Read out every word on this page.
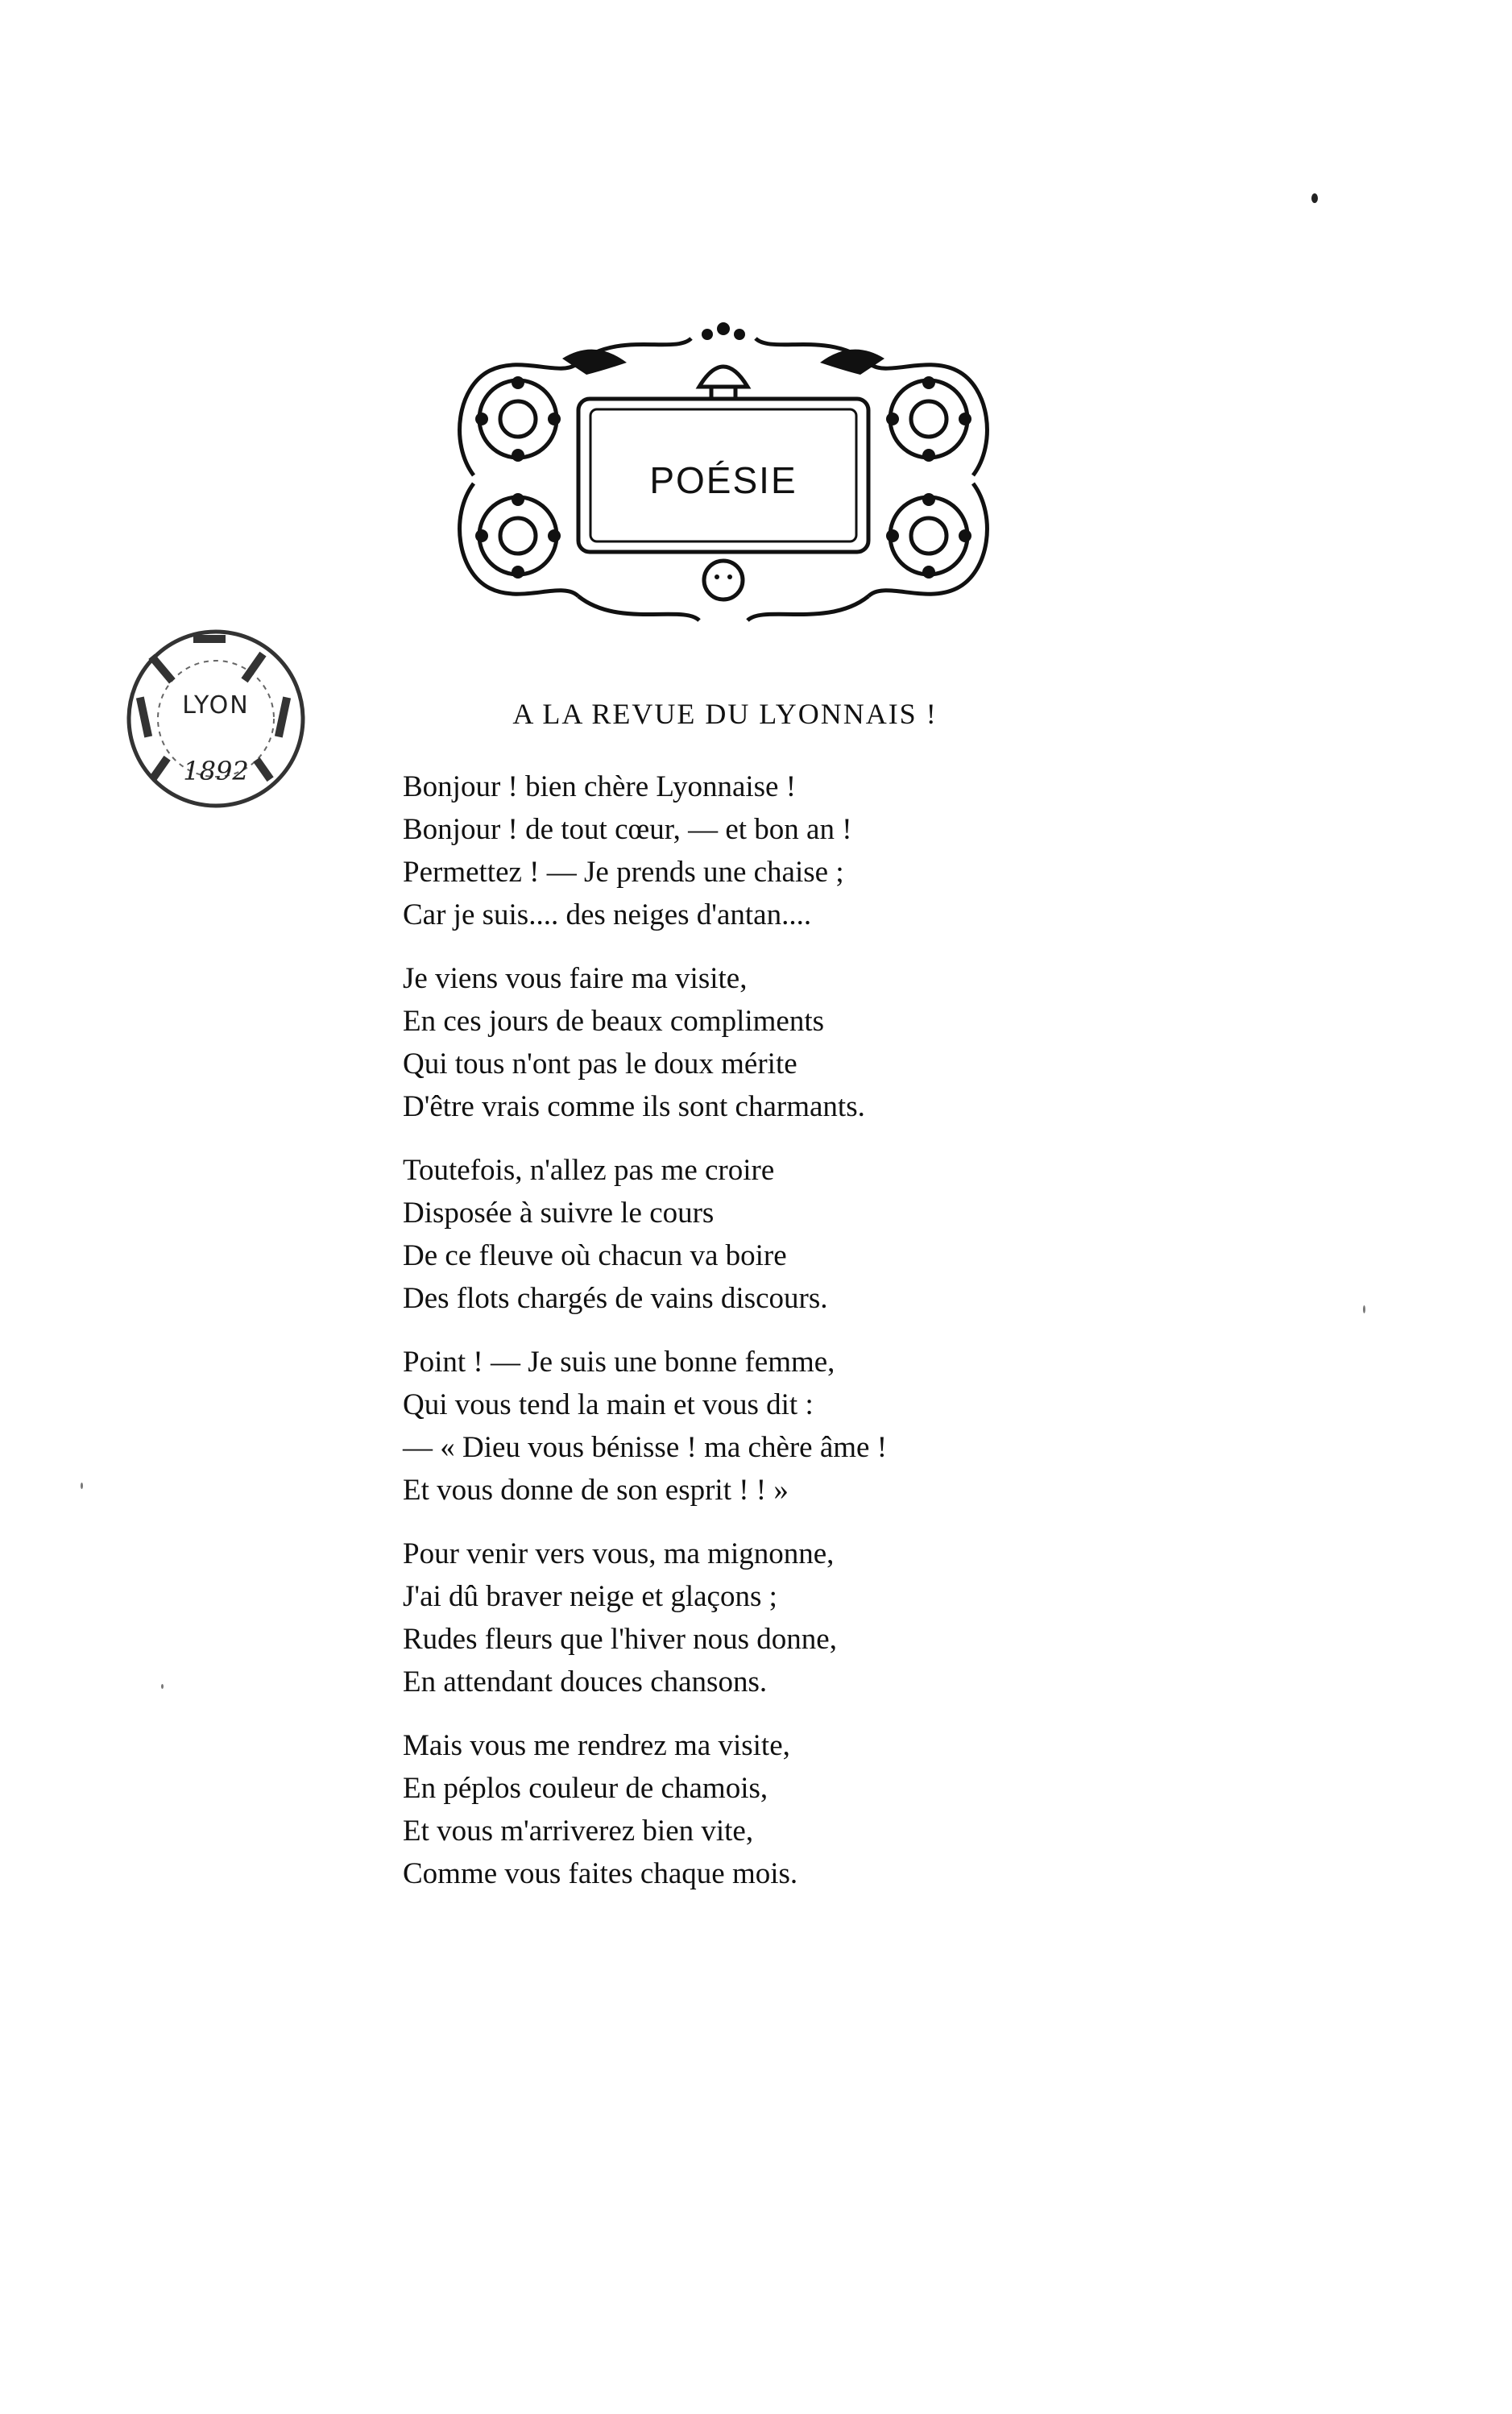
POÉSIE
LYON
1892
A LA REVUE DU LYONNAIS !
Bonjour ! bien chère Lyonnaise !
Bonjour ! de tout cœur, — et bon an !
Permettez ! — Je prends une chaise ;
Car je suis.... des neiges d'antan....
Je viens vous faire ma visite,
En ces jours de beaux compliments
Qui tous n'ont pas le doux mérite
D'être vrais comme ils sont charmants.
Toutefois, n'allez pas me croire
Disposée à suivre le cours
De ce fleuve où chacun va boire
Des flots chargés de vains discours.
Point ! — Je suis une bonne femme,
Qui vous tend la main et vous dit :
— « Dieu vous bénisse ! ma chère âme !
Et vous donne de son esprit ! ! »
Pour venir vers vous, ma mignonne,
J'ai dû braver neige et glaçons ;
Rudes fleurs que l'hiver nous donne,
En attendant douces chansons.
Mais vous me rendrez ma visite,
En péplos couleur de chamois,
Et vous m'arriverez bien vite,
Comme vous faites chaque mois.
